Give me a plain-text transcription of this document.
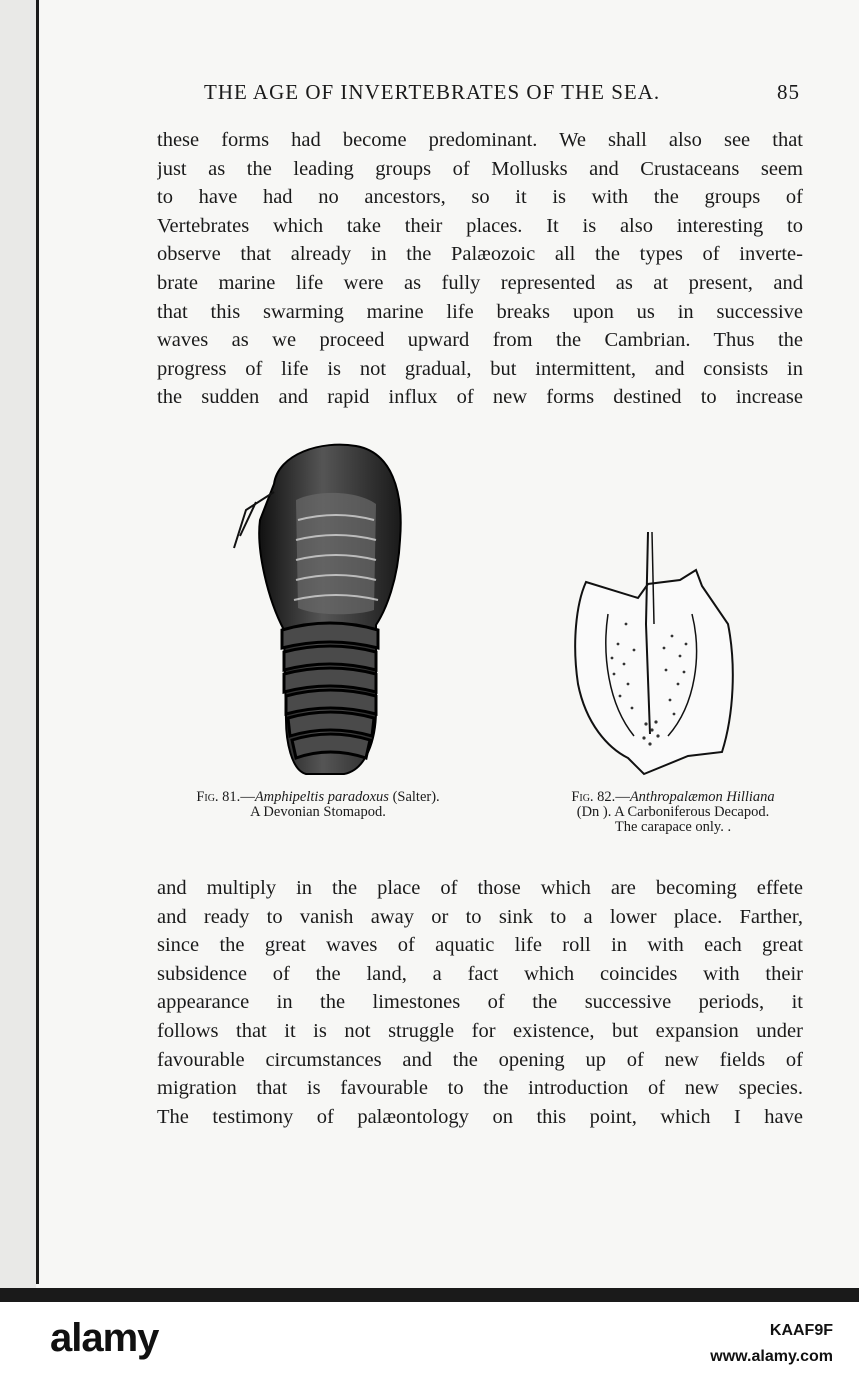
THE AGE OF INVERTEBRATES OF THE SEA.	85

these forms had become predominant. We shall also see that
just as the leading groups of Mollusks and Crustaceans seem
to have had no ancestors, so it is with the groups of
Vertebrates which take their places. It is also interesting to
observe that already in the Palæozoic all the types of inverte-
brate marine life were as fully represented as at present, and
that this swarming marine life breaks upon us in successive
waves as we proceed upward from the Cambrian. Thus the
progress of life is not gradual, but intermittent, and consists in
the sudden and rapid influx of new forms destined to increase

Fig. 81.—Amphipeltis paradoxus (Salter).
A Devonian Stomapod.
Fig. 82.—Anthropalæmon Hilliana
(Dn ). A Carboniferous Decapod.
The carapace only. .

and multiply in the place of those which are becoming effete
and ready to vanish away or to sink to a lower place. Farther,
since the great waves of aquatic life roll in with each great
subsidence of the land, a fact which coincides with their
appearance in the limestones of the successive periods, it
follows that it is not struggle for existence, but expansion under
favourable circumstances and the opening up of new fields of
migration that is favourable to the introduction of new species.
The testimony of palæontology on this point, which I have

alamy	KAAF9F
www.alamy.com
